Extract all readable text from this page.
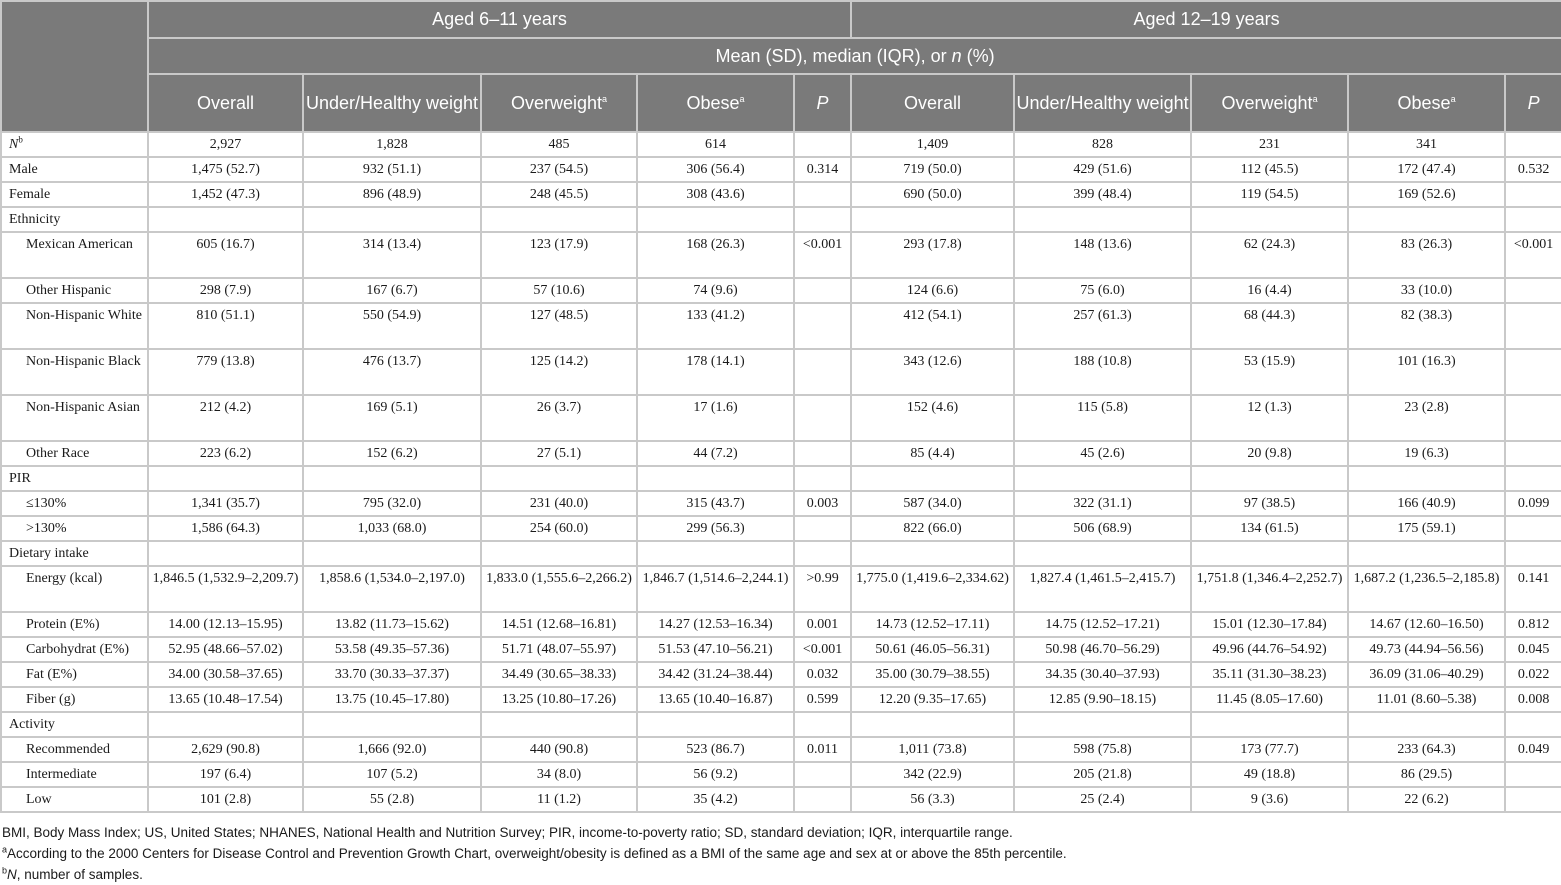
	Aged 6–11 years					Aged 12–19 years				
	Mean (SD), median (IQR), or n (%)									
	Overall	Under/Healthy weight	Overweight$^a$	Obese$^a$	P	Overall	Under/Healthy weight	Overweight$^a$	Obese$^a$	P
$N^b$	2,927	1,828	485	614		1,409	828	231	341	
Male	1,475 (52.7)	932 (51.1)	237 (54.5)	306 (56.4)	0.314	719 (50.0)	429 (51.6)	112 (45.5)	172 (47.4)	0.532
Female	1,452 (47.3)	896 (48.9)	248 (45.5)	308 (43.6)		690 (50.0)	399 (48.4)	119 (54.5)	169 (52.6)	
Ethnicity										
Mexican American	605 (16.7)	314 (13.4)	123 (17.9)	168 (26.3)	<0.001	293 (17.8)	148 (13.6)	62 (24.3)	83 (26.3)	<0.001
Other Hispanic	298 (7.9)	167 (6.7)	57 (10.6)	74 (9.6)		124 (6.6)	75 (6.0)	16 (4.4)	33 (10.0)	
Non-Hispanic White	810 (51.1)	550 (54.9)	127 (48.5)	133 (41.2)		412 (54.1)	257 (61.3)	68 (44.3)	82 (38.3)	
Non-Hispanic Black	779 (13.8)	476 (13.7)	125 (14.2)	178 (14.1)		343 (12.6)	188 (10.8)	53 (15.9)	101 (16.3)	
Non-Hispanic Asian	212 (4.2)	169 (5.1)	26 (3.7)	17 (1.6)		152 (4.6)	115 (5.8)	12 (1.3)	23 (2.8)	
Other Race	223 (6.2)	152 (6.2)	27 (5.1)	44 (7.2)		85 (4.4)	45 (2.6)	20 (9.8)	19 (6.3)	
PIR										
≤130%	1,341 (35.7)	795 (32.0)	231 (40.0)	315 (43.7)	0.003	587 (34.0)	322 (31.1)	97 (38.5)	166 (40.9)	0.099
>130%	1,586 (64.3)	1,033 (68.0)	254 (60.0)	299 (56.3)		822 (66.0)	506 (68.9)	134 (61.5)	175 (59.1)	
Dietary intake										
Energy (kcal)	1,846.5 (1,532.9–2,209.7)	1,858.6 (1,534.0–2,197.0)	1,833.0 (1,555.6–2,266.2)	1,846.7 (1,514.6–2,244.1)	>0.99	1,775.0 (1,419.6–2,334.62)	1,827.4 (1,461.5–2,415.7)	1,751.8 (1,346.4–2,252.7)	1,687.2 (1,236.5–2,185.8)	0.141
Protein (E%)	14.00 (12.13–15.95)	13.82 (11.73–15.62)	14.51 (12.68–16.81)	14.27 (12.53–16.34)	0.001	14.73 (12.52–17.11)	14.75 (12.52–17.21)	15.01 (12.30–17.84)	14.67 (12.60–16.50)	0.812
Carbohydrat (E%)	52.95 (48.66–57.02)	53.58 (49.35–57.36)	51.71 (48.07–55.97)	51.53 (47.10–56.21)	<0.001	50.61 (46.05–56.31)	50.98 (46.70–56.29)	49.96 (44.76–54.92)	49.73 (44.94–56.56)	0.045
Fat (E%)	34.00 (30.58–37.65)	33.70 (30.33–37.37)	34.49 (30.65–38.33)	34.42 (31.24–38.44)	0.032	35.00 (30.79–38.55)	34.35 (30.40–37.93)	35.11 (31.30–38.23)	36.09 (31.06–40.29)	0.022
Fiber (g)	13.65 (10.48–17.54)	13.75 (10.45–17.80)	13.25 (10.80–17.26)	13.65 (10.40–16.87)	0.599	12.20 (9.35–17.65)	12.85 (9.90–18.15)	11.45 (8.05–17.60)	11.01 (8.60–5.38)	0.008
Activity										
Recommended	2,629 (90.8)	1,666 (92.0)	440 (90.8)	523 (86.7)	0.011	1,011 (73.8)	598 (75.8)	173 (77.7)	233 (64.3)	0.049
Intermediate	197 (6.4)	107 (5.2)	34 (8.0)	56 (9.2)		342 (22.9)	205 (21.8)	49 (18.8)	86 (29.5)	
Low	101 (2.8)	55 (2.8)	11 (1.2)	35 (4.2)		56 (3.3)	25 (2.4)	9 (3.6)	22 (6.2)	
BMI, Body Mass Index; US, United States; NHANES, National Health and Nutrition Survey; PIR, income-to-poverty ratio; SD, standard deviation; IQR, interquartile range.
$^a$According to the 2000 Centers for Disease Control and Prevention Growth Chart, overweight/obesity is defined as a BMI of the same age and sex at or above the 85th percentile.
$^b$N, number of samples.
